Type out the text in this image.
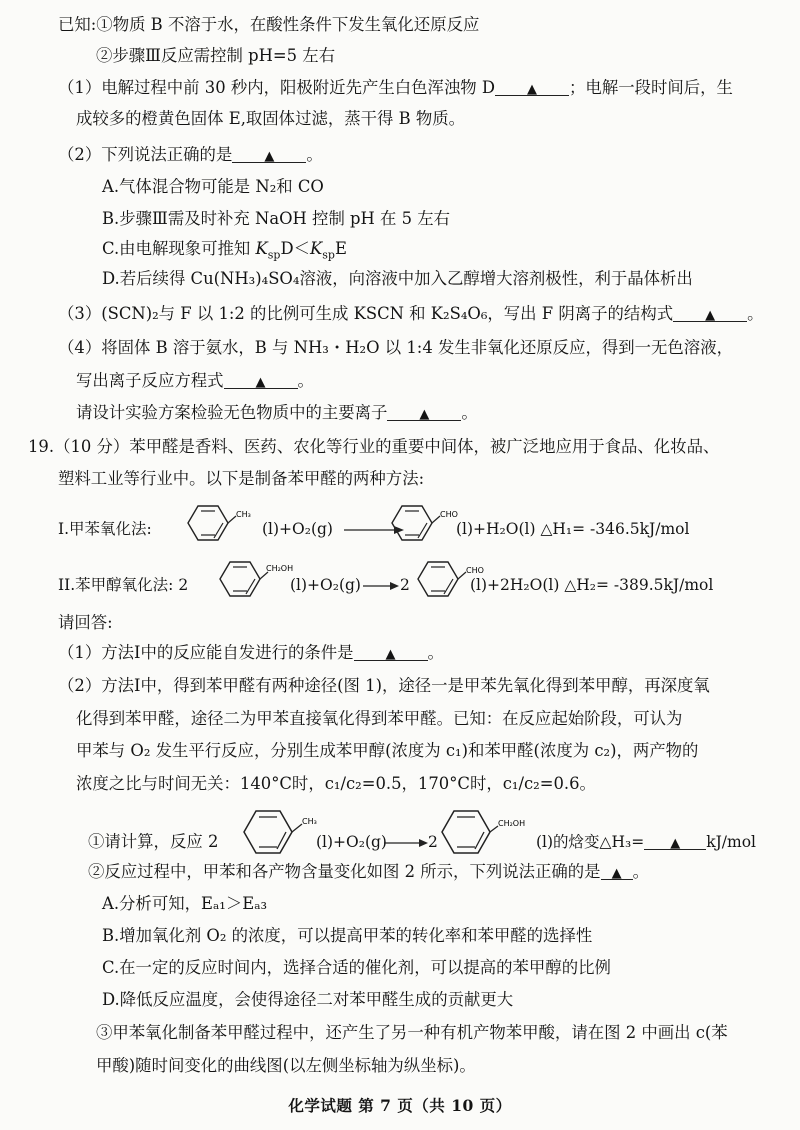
已知:①物质 B 不溶于水，在酸性条件下发生氧化还原反应
②步骤Ⅲ反应需控制 pH=5 左右
（1）电解过程中前 30 秒内，阳极附近先产生白色浑浊物 D ▲ ；电解一段时间后，生
成较多的橙黄色固体 E,取固体过滤，蒸干得 B 物质。
（2）下列说法正确的是 ▲ 。
A.气体混合物可能是 N₂和 CO
B.步骤Ⅲ需及时补充 NaOH 控制 pH 在 5 左右
C.由电解现象可推知 $K_{sp}D<K_{sp}E$
D.若后续得 Cu(NH₃)₄SO₄溶液，向溶液中加入乙醇增大溶剂极性，利于晶体析出
（3）(SCN)₂与 F 以 1:2 的比例可生成 KSCN 和 K₂S₄O₆，写出 F 阴离子的结构式 ▲ 。
（4）将固体 B 溶于氨水，B 与 NH₃・H₂O 以 1:4 发生非氧化还原反应，得到一无色溶液，
写出离子反应方程式 ▲ 。
请设计实验方案检验无色物质中的主要离子 ▲ 。
19.（10 分）苯甲醛是香料、医药、农化等行业的重要中间体，被广泛地应用于食品、化妆品、
塑料工业等行业中。以下是制备苯甲醛的两种方法:
I.甲苯氧化法:
CH₃
(l)+O₂(g) →
CHO
(l)+H₂O(l) △H₁= -346.5kJ/mol
II.苯甲醇氧化法: 2
CH₂OH
(l)+O₂(g) → 2
CHO
(l)+2H₂O(l) △H₂= -389.5kJ/mol
请回答:
（1）方法I中的反应能自发进行的条件是 ▲ 。
（2）方法I中，得到苯甲醛有两种途径(图 1)，途径一是甲苯先氧化得到苯甲醇，再深度氧
化得到苯甲醛，途径二为甲苯直接氧化得到苯甲醛。已知：在反应起始阶段，可认为
甲苯与 O₂ 发生平行反应，分别生成苯甲醇(浓度为 c₁)和苯甲醛(浓度为 c₂)，两产物的
浓度之比与时间无关：140°C时，c₁/c₂=0.5，170°C时，c₁/c₂=0.6。
①请计算，反应 2
CH₃
(l)+O₂(g) → 2
CH₂OH
(l)的焓变△H₃= ▲ kJ/mol
②反应过程中，甲苯和各产物含量变化如图 2 所示，下列说法正确的是 ▲ 。
A.分析可知，Eₐ₁＞Eₐ₃
B.增加氧化剂 O₂ 的浓度，可以提高甲苯的转化率和苯甲醛的选择性
C.在一定的反应时间内，选择合适的催化剂，可以提高的苯甲醇的比例
D.降低反应温度，会使得途径二对苯甲醛生成的贡献更大
③甲苯氧化制备苯甲醛过程中，还产生了另一种有机产物苯甲酸，请在图 2 中画出 c(苯
甲酸)随时间变化的曲线图(以左侧坐标轴为纵坐标)。
化学试题 第 7 页（共 10 页）
